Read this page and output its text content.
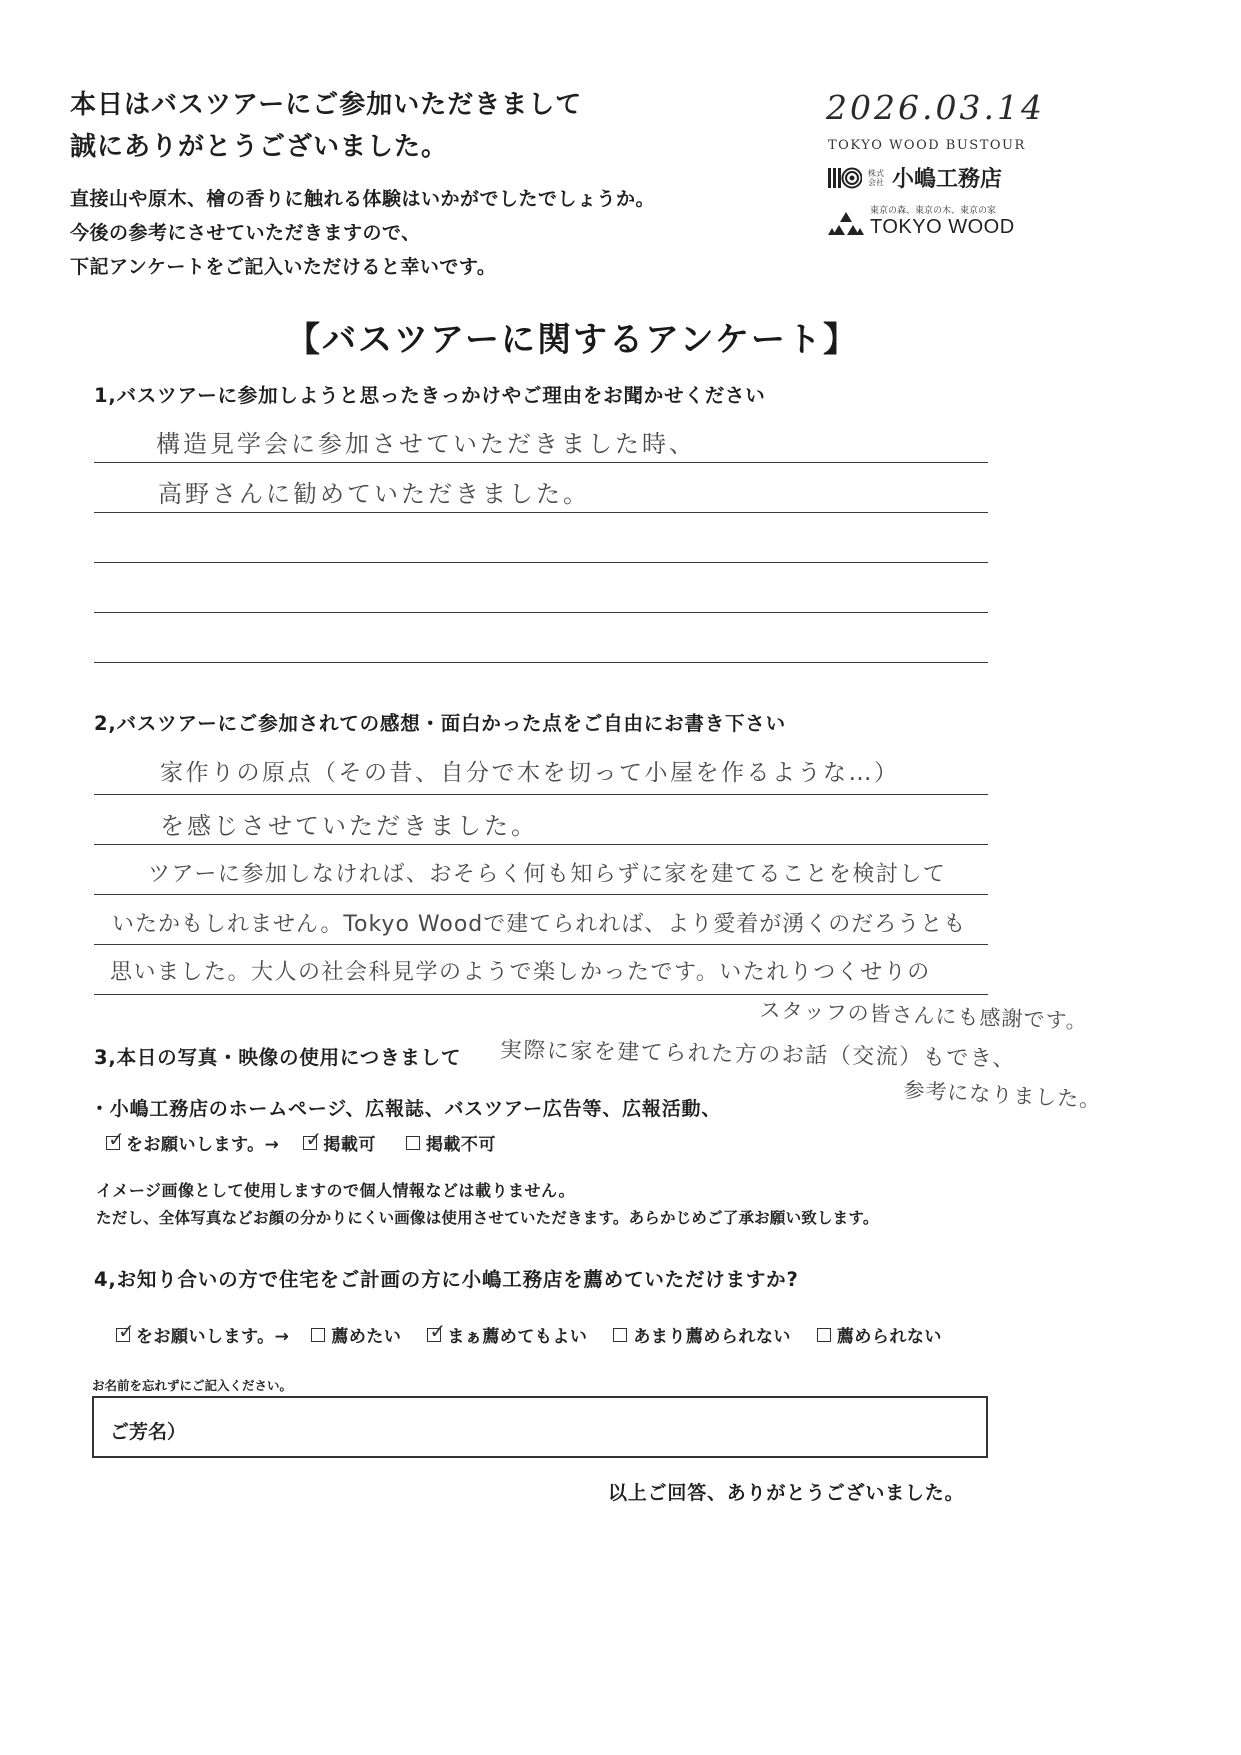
本日はバスツアーにご参加いただきまして
誠にありがとうございました。
直接山や原木、檜の香りに触れる体験はいかがでしたでしょうか。
今後の参考にさせていただきますので、
下記アンケートをご記入いただけると幸いです。
2026.03.14
TOKYO WOOD BUSTOUR
株式会社 小嶋工務店
東京の森、東京の木、東京の家
TOKYO WOOD
【バスツアーに関するアンケート】
1,バスツアーに参加しようと思ったきっかけやご理由をお聞かせください
構造見学会に参加させていただきました時、
高野さんに勧めていただきました。
2,バスツアーにご参加されての感想・面白かった点をご自由にお書き下さい
家作りの原点（その昔、自分で木を切って小屋を作るような…）
を感じさせていただきました。
ツアーに参加しなければ、おそらく何も知らずに家を建てることを検討して
いたかもしれません。Tokyo Woodで建てられれば、より愛着が湧くのだろうとも
思いました。大人の社会科見学のようで楽しかったです。いたれりつくせりの
スタッフの皆さんにも感謝です。
実際に家を建てられた方のお話（交流）もでき、
参考になりました。
3,本日の写真・映像の使用につきまして
・小嶋工務店のホームページ、広報誌、バスツアー広告等、広報活動、
✓ をお願いします。→ ✓ 掲載可	掲載不可
イメージ画像として使用しますので個人情報などは載りません。
ただし、全体写真などお顔の分かりにくい画像は使用させていただきます。あらかじめご了承お願い致します。
4,お知り合いの方で住宅をご計画の方に小嶋工務店を薦めていただけますか?
✓ をお願いします。→ 薦めたい ✓ まぁ薦めてもよい	あまり薦められない	薦められない
お名前を忘れずにご記入ください。
ご芳名）
以上ご回答、ありがとうございました。
